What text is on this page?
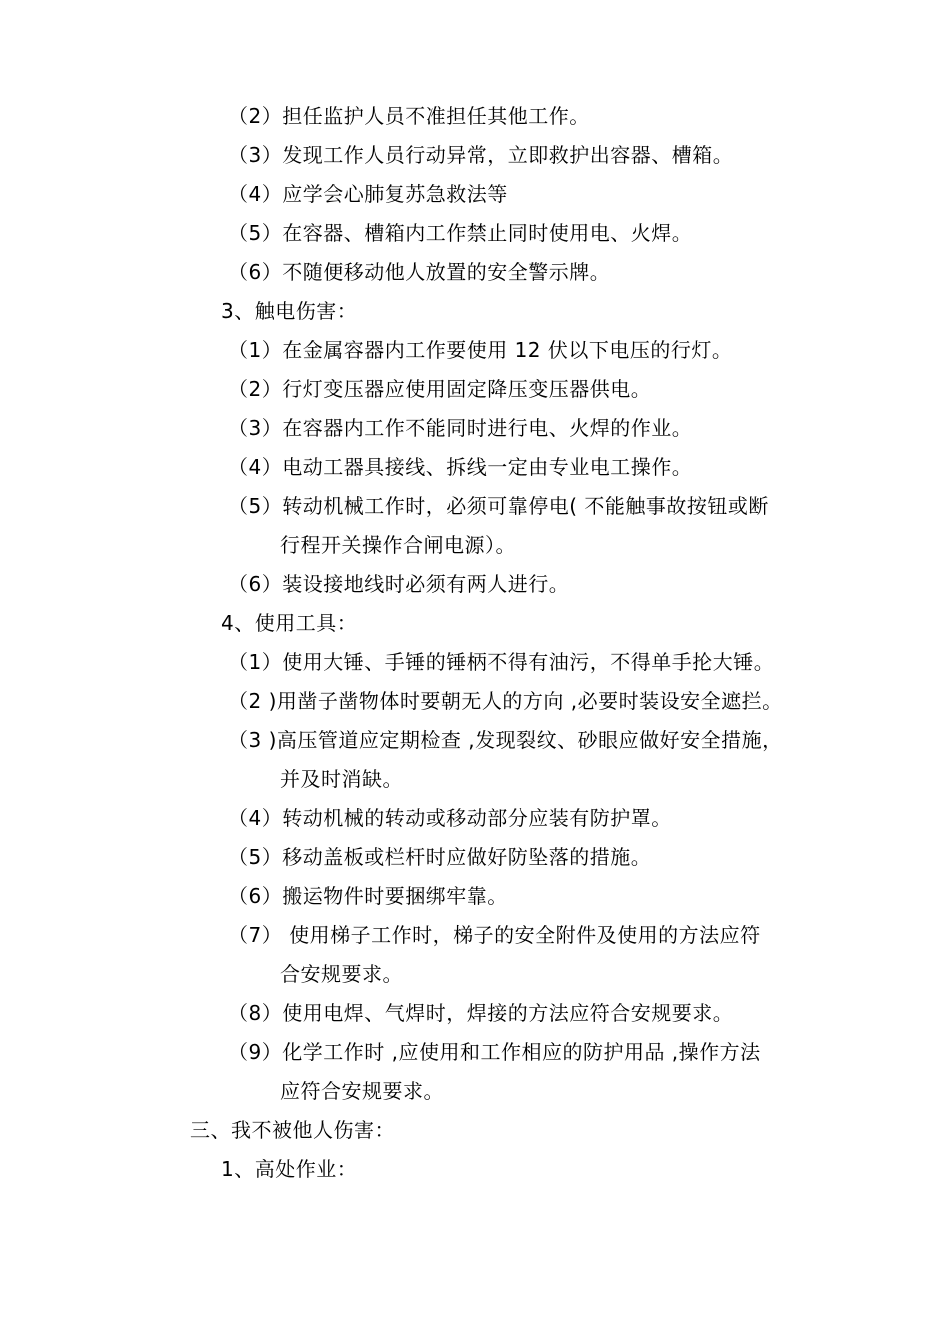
（2）担任监护人员不准担任其他工作。
（3）发现工作人员行动异常，立即救护出容器、槽箱。
（4）应学会心肺复苏急救法等
（5）在容器、槽箱内工作禁止同时使用电、火焊。
（6）不随便移动他人放置的安全警示牌。
3、触电伤害：
（1）在金属容器内工作要使用 12 伏以下电压的行灯。
（2）行灯变压器应使用固定降压变压器供电。
（3）在容器内工作不能同时进行电、火焊的作业。
（4）电动工器具接线、拆线一定由专业电工操作。
（5）转动机械工作时，必须可靠停电( 不能触事故按钮或断
行程开关操作合闸电源）。
（6）装设接地线时必须有两人进行。
4、使用工具：
（1）使用大锤、手锤的锤柄不得有油污，不得单手抡大锤。
（2 )用凿子凿物体时要朝无人的方向 ,必要时装设安全遮拦。
（3 )高压管道应定期检查 ,发现裂纹、砂眼应做好安全措施，
并及时消缺。
（4）转动机械的转动或移动部分应装有防护罩。
（5）移动盖板或栏杆时应做好防坠落的措施。
（6）搬运物件时要捆绑牢靠。
（7） 使用梯子工作时，梯子的安全附件及使用的方法应符
合安规要求。
（8）使用电焊、气焊时，焊接的方法应符合安规要求。
（9）化学工作时 ,应使用和工作相应的防护用品 ,操作方法
应符合安规要求。
三、我不被他人伤害：
1、高处作业：
